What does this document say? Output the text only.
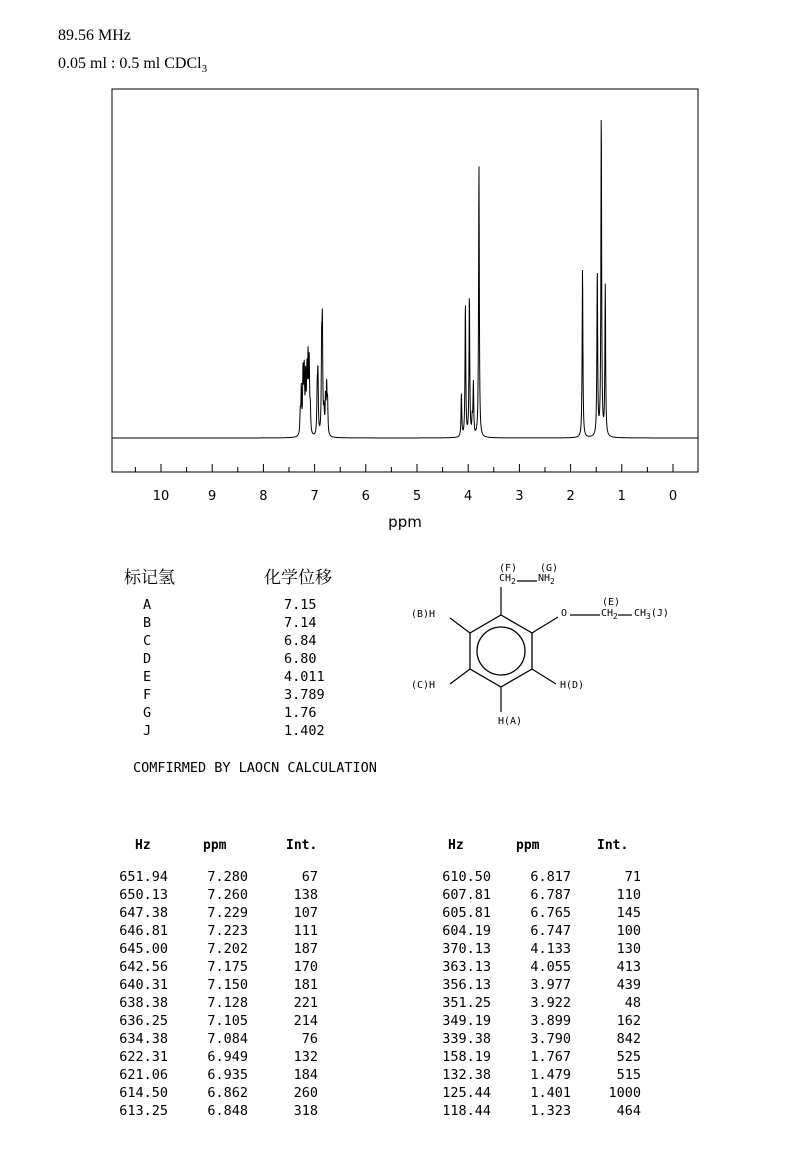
89.56 MHz
0.05 ml : 0.5 ml CDCl$_3$
10	9	8	7	6	5	4	3	2	1	0
ppm
标记氢	化学位移
A	7.15
B	7.14
C	6.84
D	6.80
E	4.011
F	3.789
G	1.76
J	1.402
COMFIRMED BY LAOCN CALCULATION
(F) (G)
$CH_2$ $NH_2$
O
(E)
$CH_2$ $CH_3(J)$
(B)H
(C)H	H(D)
H(A)
Hz	ppm	Int.
651.94	7.280	67
650.13	7.260	138
647.38	7.229	107
646.81	7.223	111
645.00	7.202	187
642.56	7.175	170
640.31	7.150	181
638.38	7.128	221
636.25	7.105	214
634.38	7.084	76
622.31	6.949	132
621.06	6.935	184
614.50	6.862	260
613.25	6.848	318
Hz	ppm	Int.
610.50	6.817	71
607.81	6.787	110
605.81	6.765	145
604.19	6.747	100
370.13	4.133	130
363.13	4.055	413
356.13	3.977	439
351.25	3.922	48
349.19	3.899	162
339.38	3.790	842
158.19	1.767	525
132.38	1.479	515
125.44	1.401	1000
118.44	1.323	464
